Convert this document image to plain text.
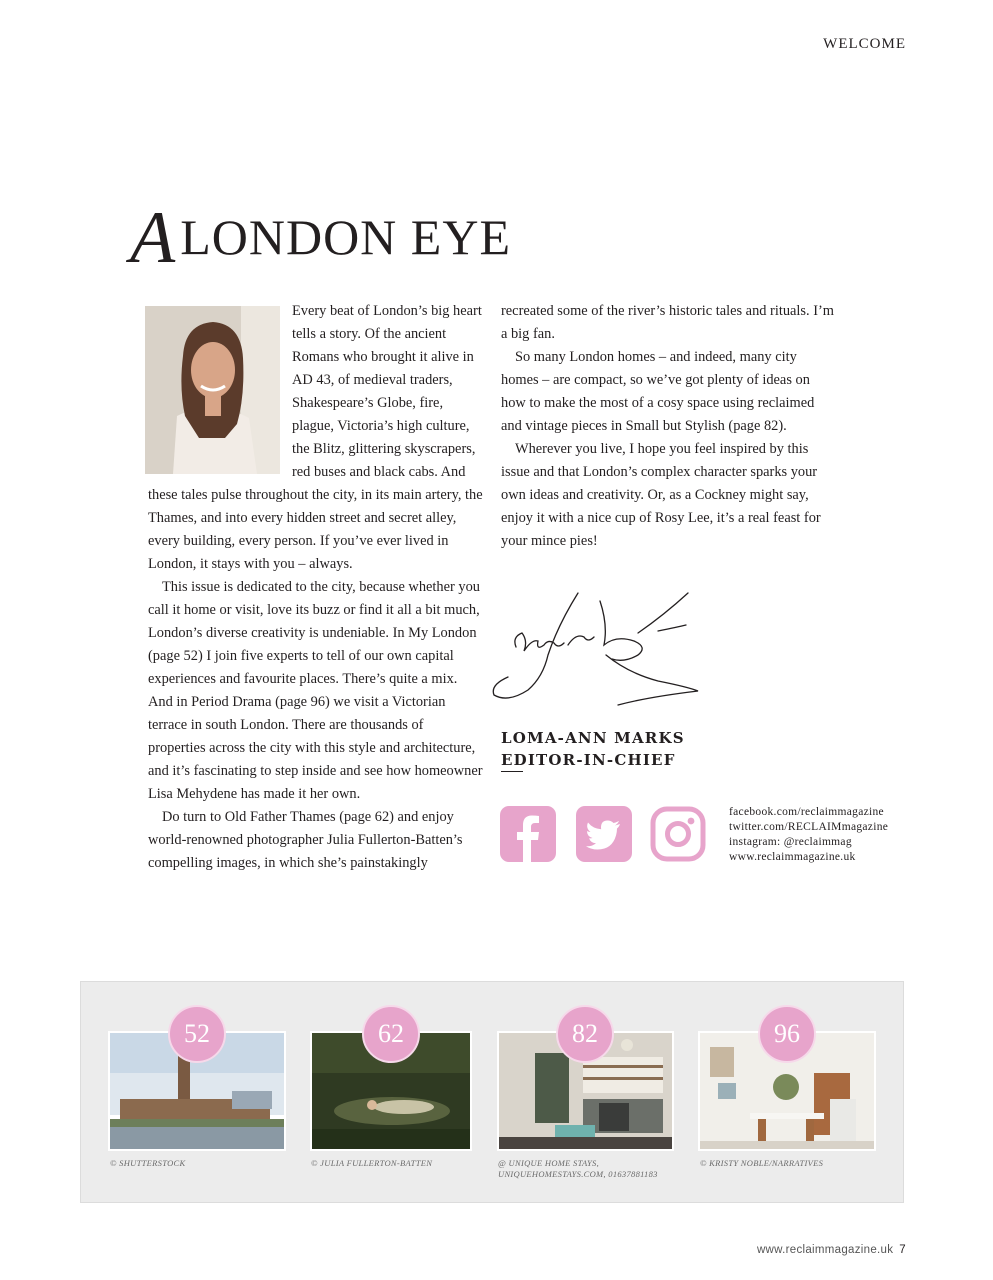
WELCOME
ALONDON EYE

Every beat of London’s big heart tells a story. Of the ancient Romans who brought it alive in AD 43, of medieval traders, Shakespeare’s Globe, fire, plague, Victoria’s high culture, the Blitz, glittering skyscrapers, red buses and black cabs. And these tales pulse throughout the city, in its main artery, the Thames, and into every hidden street and secret alley, every building, every person. If you’ve ever lived in London, it stays with you – always.

This issue is dedicated to the city, because whether you call it home or visit, love its buzz or find it all a bit much, London’s diverse creativity is undeniable. In My London (page 52) I join five experts to tell of our own capital experiences and favourite places. There’s quite a mix. And in Period Drama (page 96) we visit a Victorian terrace in south London. There are thousands of properties across the city with this style and architecture, and it’s fascinating to step inside and see how homeowner Lisa Mehydene has made it her own.

Do turn to Old Father Thames (page 62) and enjoy world-renowned photographer Julia Fullerton-Batten’s compelling images, in which she’s painstakingly

recreated some of the river’s historic tales and rituals. I’m a big fan.

So many London homes – and indeed, many city homes – are compact, so we’ve got plenty of ideas on how to make the most of a cosy space using reclaimed and vintage pieces in Small but Stylish (page 82).

Wherever you live, I hope you feel inspired by this issue and that London’s complex character sparks your own ideas and creativity. Or, as a Cockney might say, enjoy it with a nice cup of Rosy Lee, it’s a real feast for your mince pies!

LOMA-ANN MARKS
EDITOR-IN-CHIEF
facebook.com/reclaimmagazine
twitter.com/RECLAIMmagazine
instagram: @reclaimmag
www.reclaimmagazine.uk
52	62	82	96
© SHUTTERSTOCK	© JULIA FULLERTON-BATTEN	@ UNIQUE HOME STAYS, UNIQUEHOMESTAYS.COM, 01637881183
© KRISTY NOBLE/NARRATIVES
www.reclaimmagazine.uk 7
